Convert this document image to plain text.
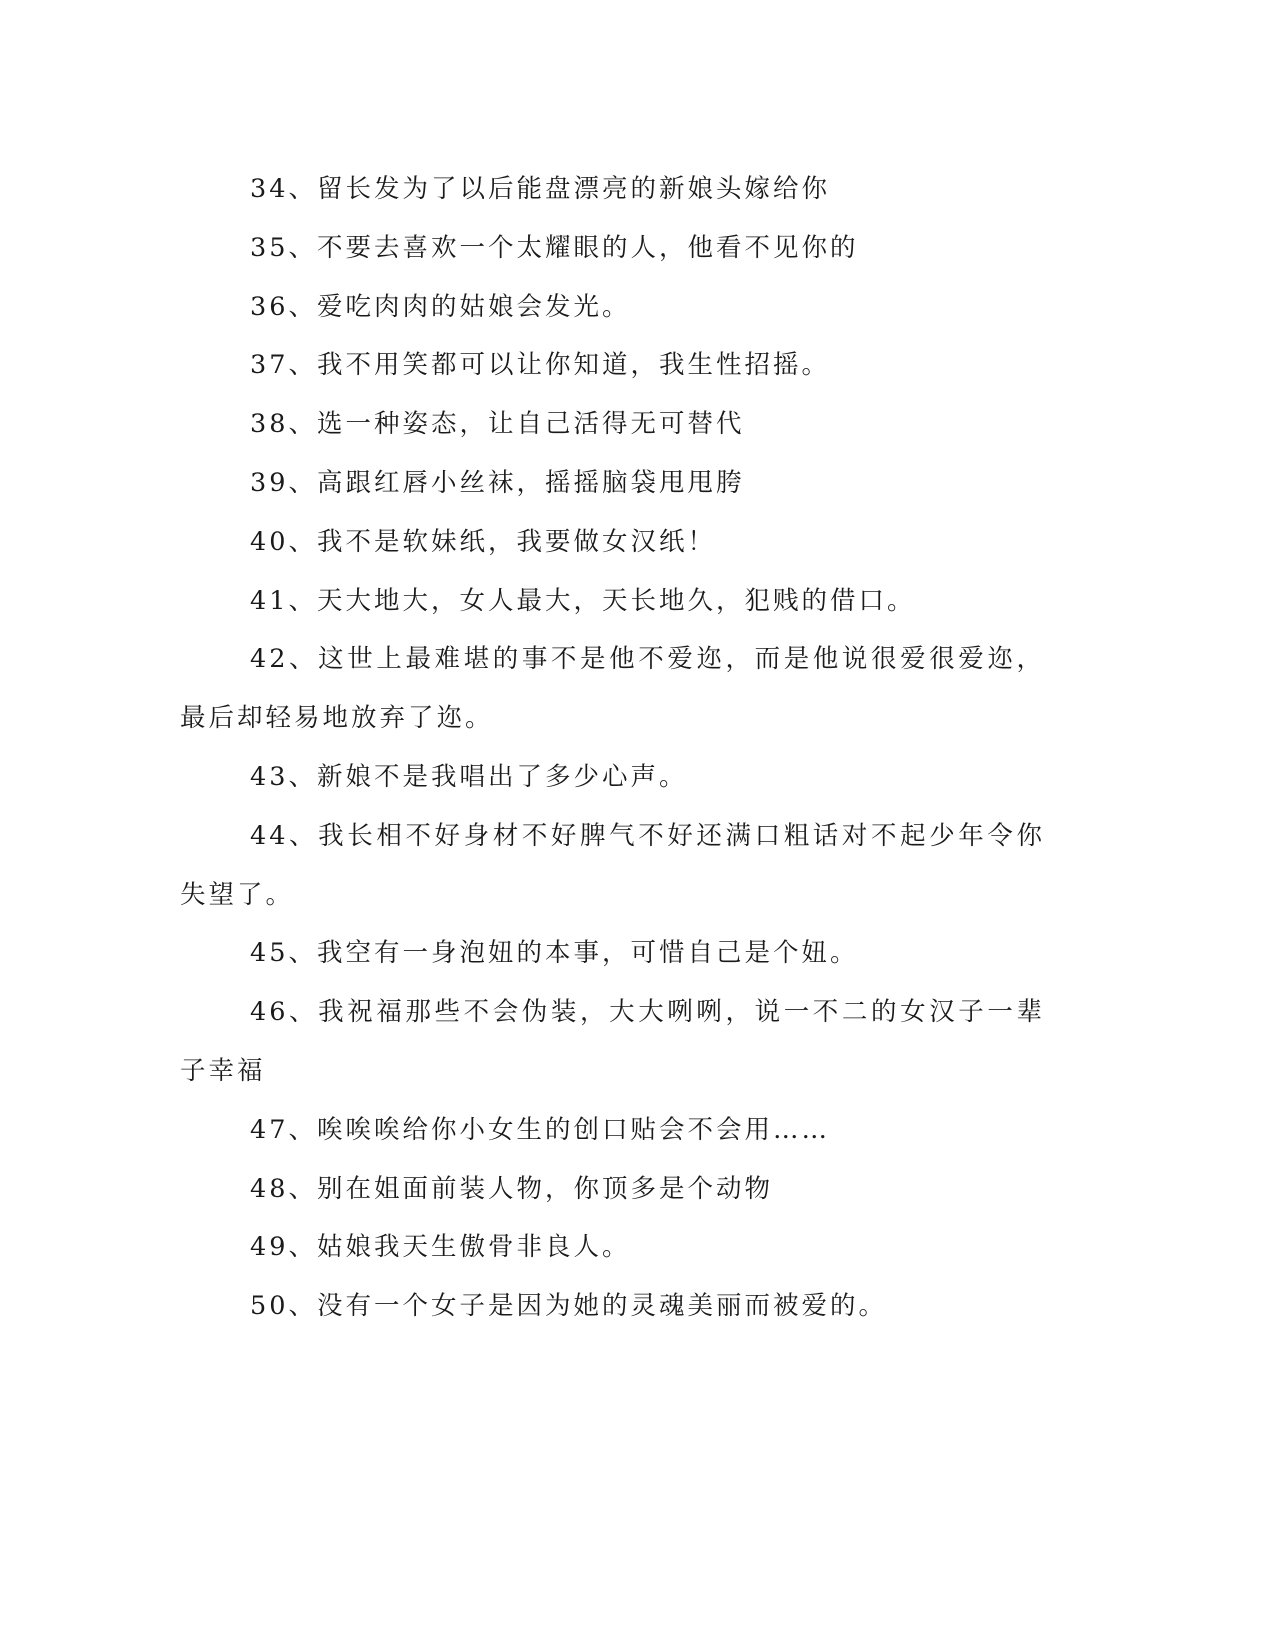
34、留长发为了以后能盘漂亮的新娘头嫁给你

35、不要去喜欢一个太耀眼的人，他看不见你的

36、爱吃肉肉的姑娘会发光。

37、我不用笑都可以让你知道，我生性招摇。

38、选一种姿态，让自己活得无可替代

39、高跟红唇小丝袜，摇摇脑袋甩甩胯

40、我不是软妹纸，我要做女汉纸！

41、天大地大，女人最大，天长地久，犯贱的借口。

42、这世上最难堪的事不是他不爱迩，而是他说很爱很爱迩，最后却轻易地放弃了迩。

43、新娘不是我唱出了多少心声。

44、我长相不好身材不好脾气不好还满口粗话对不起少年令你失望了。

45、我空有一身泡妞的本事，可惜自己是个妞。

46、我祝福那些不会伪装，大大咧咧，说一不二的女汉子一辈子幸福

47、唉唉唉给你小女生的创口贴会不会用……

48、别在姐面前装人物，你顶多是个动物

49、姑娘我天生傲骨非良人。

50、没有一个女子是因为她的灵魂美丽而被爱的。
